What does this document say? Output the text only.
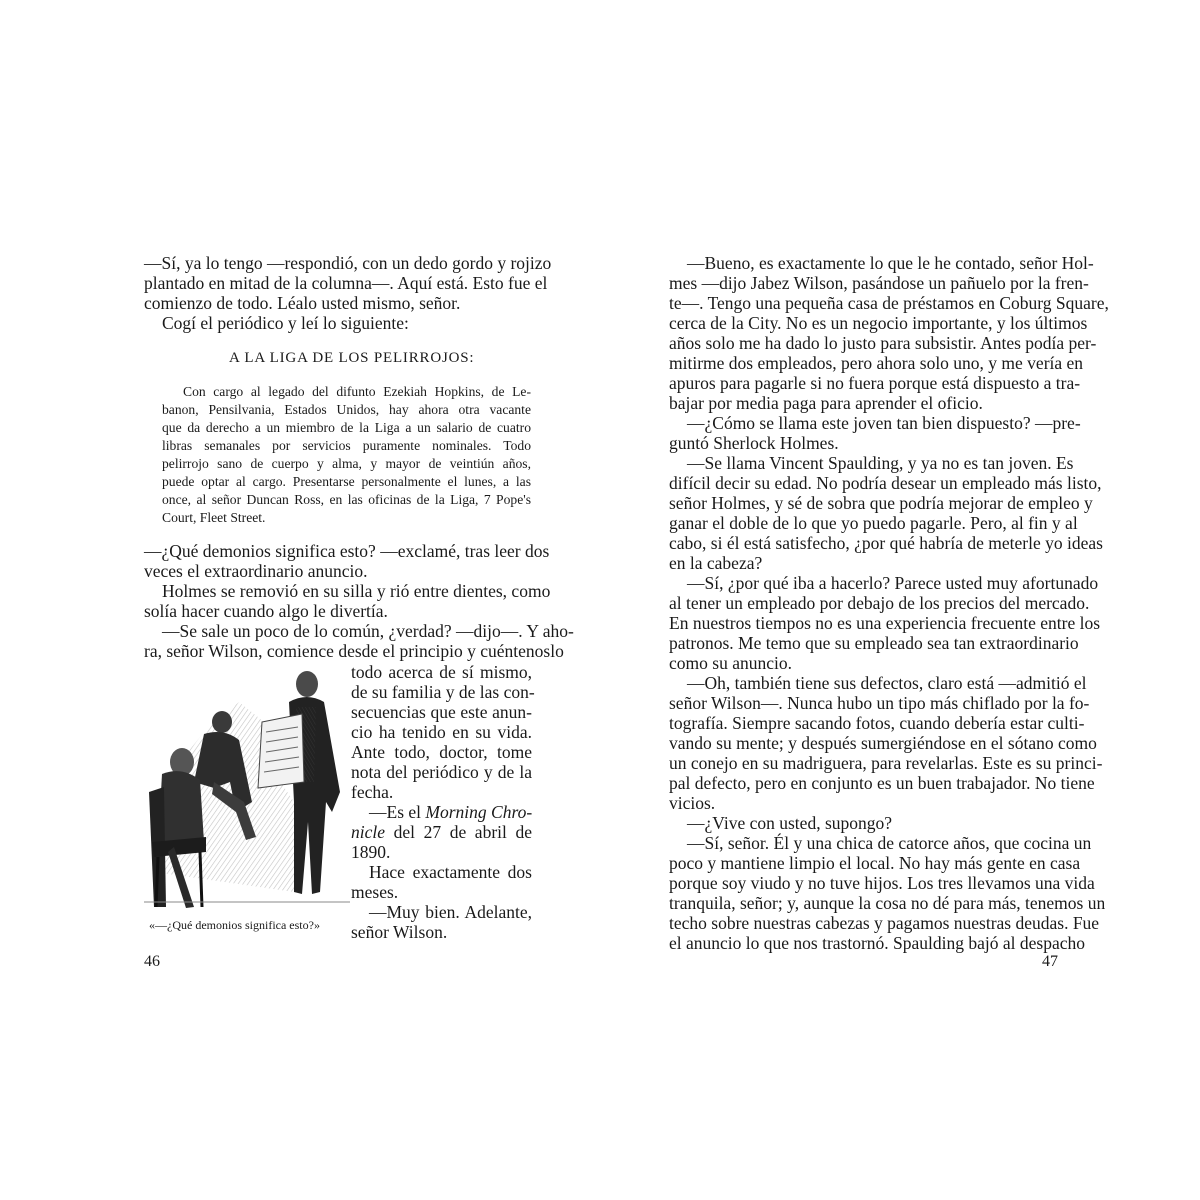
—Sí, ya lo tengo —respondió, con un dedo gordo y rojizo
plantado en mitad de la columna—. Aquí está. Esto fue el
comienzo de todo. Léalo usted mismo, señor.
Cogí el periódico y leí lo siguiente:
A LA LIGA DE LOS PELIRROJOS:
Con cargo al legado del difunto Ezekiah Hopkins, de Le-
banon, Pensilvania, Estados Unidos, hay ahora otra vacante
que da derecho a un miembro de la Liga a un salario de cuatro
libras semanales por servicios puramente nominales. Todo
pelirrojo sano de cuerpo y alma, y mayor de veintiún años,
puede optar al cargo. Presentarse personalmente el lunes, a las
once, al señor Duncan Ross, en las oficinas de la Liga, 7 Pope's
Court, Fleet Street.
—¿Qué demonios significa esto? —exclamé, tras leer dos
veces el extraordinario anuncio.
Holmes se removió en su silla y rió entre dientes, como
solía hacer cuando algo le divertía.
—Se sale un poco de lo común, ¿verdad? —dijo—. Y aho-
ra, señor Wilson, comience desde el principio y cuéntenoslo
«—¿Qué demonios significa esto?»
todo acerca de sí mismo,
de su familia y de las con-
secuencias que este anun-
cio ha tenido en su vida.
Ante todo, doctor, tome
nota del periódico y de la
fecha.
—Es el Morning Chro-
nicle del 27 de abril de
1890.
Hace exactamente dos
meses.
—Muy bien. Adelante,
señor Wilson.
46
—Bueno, es exactamente lo que le he contado, señor Hol-
mes —dijo Jabez Wilson, pasándose un pañuelo por la fren-
te—. Tengo una pequeña casa de préstamos en Coburg Square,
cerca de la City. No es un negocio importante, y los últimos
años solo me ha dado lo justo para subsistir. Antes podía per-
mitirme dos empleados, pero ahora solo uno, y me vería en
apuros para pagarle si no fuera porque está dispuesto a tra-
bajar por media paga para aprender el oficio.
—¿Cómo se llama este joven tan bien dispuesto? —pre-
guntó Sherlock Holmes.
—Se llama Vincent Spaulding, y ya no es tan joven. Es
difícil decir su edad. No podría desear un empleado más listo,
señor Holmes, y sé de sobra que podría mejorar de empleo y
ganar el doble de lo que yo puedo pagarle. Pero, al fin y al
cabo, si él está satisfecho, ¿por qué habría de meterle yo ideas
en la cabeza?
—Sí, ¿por qué iba a hacerlo? Parece usted muy afortunado
al tener un empleado por debajo de los precios del mercado.
En nuestros tiempos no es una experiencia frecuente entre los
patronos. Me temo que su empleado sea tan extraordinario
como su anuncio.
—Oh, también tiene sus defectos, claro está —admitió el
señor Wilson—. Nunca hubo un tipo más chiflado por la fo-
tografía. Siempre sacando fotos, cuando debería estar culti-
vando su mente; y después sumergiéndose en el sótano como
un conejo en su madriguera, para revelarlas. Este es su princi-
pal defecto, pero en conjunto es un buen trabajador. No tiene
vicios.
—¿Vive con usted, supongo?
—Sí, señor. Él y una chica de catorce años, que cocina un
poco y mantiene limpio el local. No hay más gente en casa
porque soy viudo y no tuve hijos. Los tres llevamos una vida
tranquila, señor; y, aunque la cosa no dé para más, tenemos un
techo sobre nuestras cabezas y pagamos nuestras deudas. Fue
el anuncio lo que nos trastornó. Spaulding bajó al despacho
47
